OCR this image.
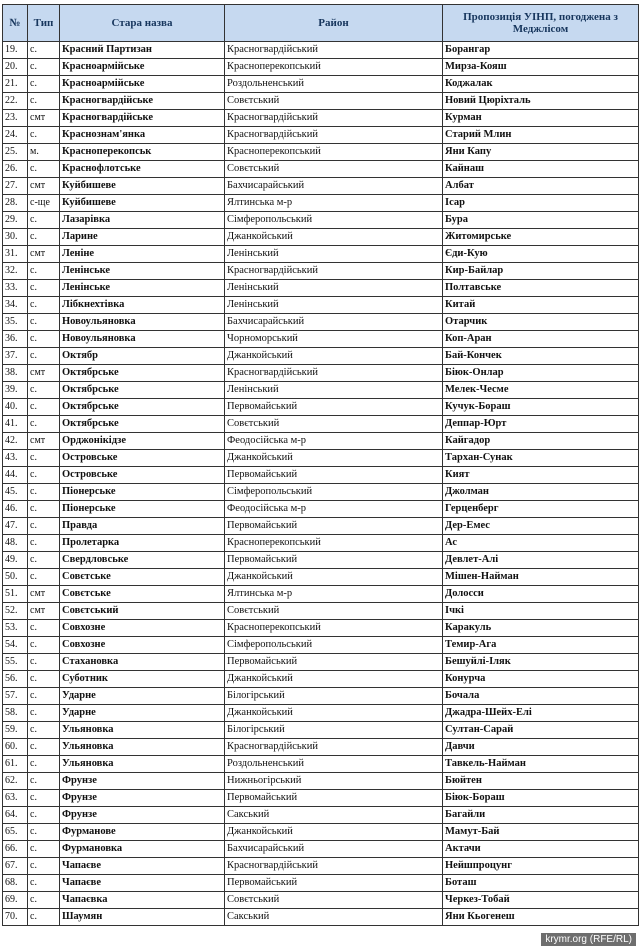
№	Тип	Стара назва	Район	Пропозиція УІНП, погоджена з Меджлісом
19.	с.	Красний Партизан	Красногвардійський	Борангар
20.	с.	Красноармійське	Красноперекопський	Мирза-Кояш
21.	с.	Красноармійське	Роздольненський	Коджалак
22.	с.	Красногвардійське	Совєтський	Новий Цюріхталь
23.	смт	Красногвардійське	Красногвардійський	Курман
24.	с.	Краснознам'янка	Красногвардійський	Старий Млин
25.	м.	Красноперекопськ	Красноперекопський	Яни Капу
26.	с.	Краснофлотське	Совєтський	Кайнаш
27.	смт	Куйбишеве	Бахчисарайський	Албат
28.	с-ще	Куйбишеве	Ялтинська м-р	Ісар
29.	с.	Лазарівка	Сімферопольський	Бура
30.	с.	Ларине	Джанкойський	Житомирське
31.	смт	Леніне	Ленінський	Єди-Кую
32.	с.	Ленінське	Красногвардійський	Кир-Байлар
33.	с.	Ленінське	Ленінський	Полтавське
34.	с.	Лібкнехтівка	Ленінський	Китай
35.	с.	Новоульяновка	Бахчисарайський	Отарчик
36.	с.	Новоульяновка	Чорноморський	Коп-Аран
37.	с.	Октябр	Джанкойський	Бай-Кончек
38.	смт	Октябрське	Красногвардійський	Біюк-Онлар
39.	с.	Октябрське	Ленінський	Мелек-Чесме
40.	с.	Октябрське	Первомайський	Кучук-Бораш
41.	с.	Октябрське	Совєтський	Деппар-Юрт
42.	смт	Орджонікідзе	Феодосійська м-р	Кайгадор
43.	с.	Островське	Джанкойський	Тархан-Сунак
44.	с.	Островське	Первомайський	Кият
45.	с.	Піонерське	Сімферопольський	Джолман
46.	с.	Піонерське	Феодосійська м-р	Герценберг
47.	с.	Правда	Первомайський	Дер-Емес
48.	с.	Пролетарка	Красноперекопський	Ас
49.	с.	Свердловське	Первомайський	Девлет-Алі
50.	с.	Совєтське	Джанкойський	Мішен-Найман
51.	смт	Совєтське	Ялтинська м-р	Долосси
52.	смт	Совєтський	Совєтський	Ічкі
53.	с.	Совхозне	Красноперекопський	Каракуль
54.	с.	Совхозне	Сімферопольський	Темир-Ага
55.	с.	Стахановка	Первомайський	Бешуйлі-Іляк
56.	с.	Суботник	Джанкойський	Конурча
57.	с.	Ударне	Білогірський	Бочала
58.	с.	Ударне	Джанкойський	Джадра-Шейх-Елі
59.	с.	Ульяновка	Білогірський	Султан-Сарай
60.	с.	Ульяновка	Красногвардійський	Давчи
61.	с.	Ульяновка	Роздольненський	Тавкель-Найман
62.	с.	Фрунзе	Нижньогірський	Бюйтен
63.	с.	Фрунзе	Первомайський	Біюк-Бораш
64.	с.	Фрунзе	Сакський	Багайли
65.	с.	Фурманове	Джанкойський	Мамут-Бай
66.	с.	Фурмановка	Бахчисарайський	Актачи
67.	с.	Чапаєве	Красногвардійський	Нейшпроцунг
68.	с.	Чапаєве	Первомайський	Боташ
69.	с.	Чапаєвка	Совєтський	Черкез-Тобай
70.	с.	Шаумян	Сакський	Яни Кьогенеш
krymr.org (RFE/RL)
